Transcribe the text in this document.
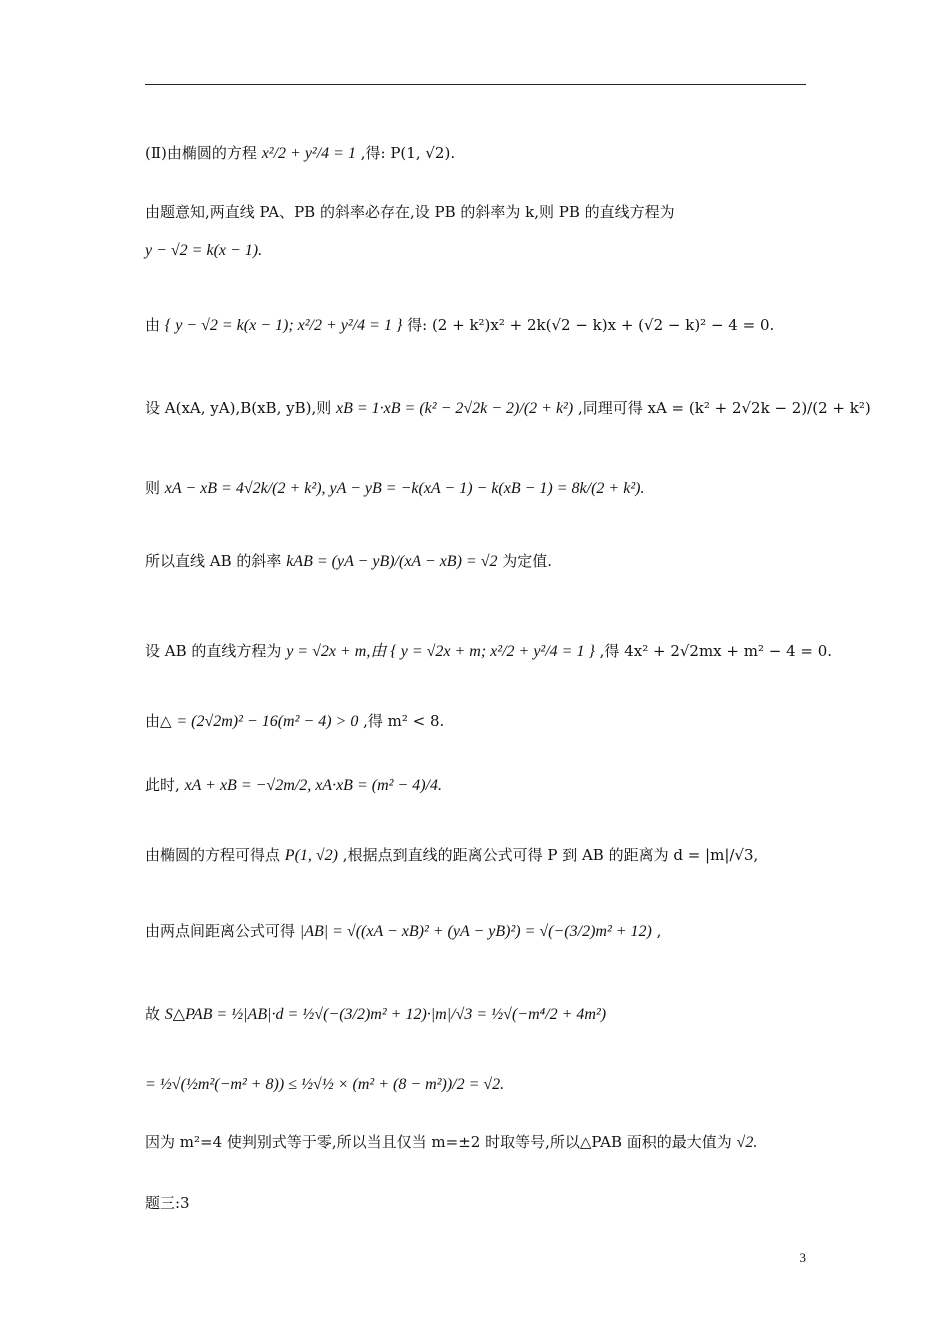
(Ⅱ)由椭圆的方程 x²/2 + y²/4 = 1 ,得: P(1, √2).
由题意知,两直线 PA、PB 的斜率必存在,设 PB 的斜率为 k,则 PB 的直线方程为
y − √2 = k(x − 1).
由 { y − √2 = k(x − 1); x²/2 + y²/4 = 1 } 得: (2 + k²)x² + 2k(√2 − k)x + (√2 − k)² − 4 = 0.
设 A(xA, yA),B(xB, yB),则 xB = 1·xB = (k² − 2√2k − 2)/(2 + k²) ,同理可得 xA = (k² + 2√2k − 2)/(2 + k²)
则 xA − xB = 4√2k/(2 + k²), yA − yB = −k(xA − 1) − k(xB − 1) = 8k/(2 + k²).
所以直线 AB 的斜率 kAB = (yA − yB)/(xA − xB) = √2 为定值.
设 AB 的直线方程为 y = √2x + m,由 { y = √2x + m; x²/2 + y²/4 = 1 } ,得 4x² + 2√2mx + m² − 4 = 0.
由△ = (2√2m)² − 16(m² − 4) > 0 ,得 m² < 8.
此时, xA + xB = −√2m/2, xA·xB = (m² − 4)/4.
由椭圆的方程可得点 P(1, √2) ,根据点到直线的距离公式可得 P 到 AB 的距离为 d = |m|/√3,
由两点间距离公式可得 |AB| = √((xA − xB)² + (yA − yB)²) = √(−(3/2)m² + 12) ,
故 S△PAB = ½|AB|·d = ½√(−(3/2)m² + 12)·|m|/√3 = ½√(−m⁴/2 + 4m²)
= ½√(½m²(−m² + 8)) ≤ ½√½ × (m² + (8 − m²))/2 = √2.
因为 m²=4 使判别式等于零,所以当且仅当 m=±2 时取等号,所以△PAB 面积的最大值为 √2.
题三:3
3
